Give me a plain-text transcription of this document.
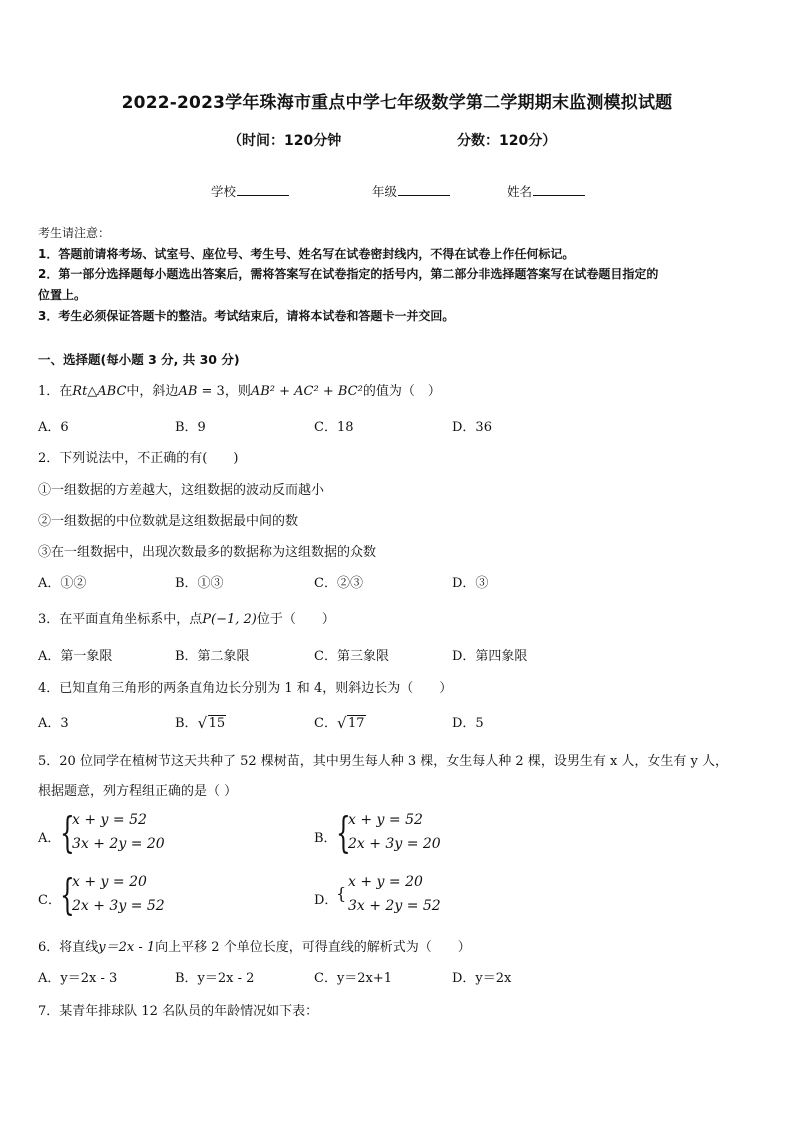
2022-2023学年珠海市重点中学七年级数学第二学期期末监测模拟试题
（时间：120分钟	分数：120分）
学校	年级	姓名
考生请注意：
1．答题前请将考场、试室号、座位号、考生号、姓名写在试卷密封线内，不得在试卷上作任何标记。
2．第一部分选择题每小题选出答案后，需将答案写在试卷指定的括号内，第二部分非选择题答案写在试卷题目指定的
位置上。
3．考生必须保证答题卡的整洁。考试结束后，请将本试卷和答题卡一并交回。
一、选择题(每小题 3 分, 共 30 分)
1．在Rt△ABC中，斜边AB = 3，则AB² + AC² + BC²的值为（　）
A．6	B．9	C．18	D．36
2．下列说法中，不正确的有(　　)
①一组数据的方差越大，这组数据的波动反而越小
②一组数据的中位数就是这组数据最中间的数
③在一组数据中，出现次数最多的数据称为这组数据的众数
A．①②	B．①③	C．②③	D．③
3．在平面直角坐标系中，点P(−1, 2)位于（　　）
A．第一象限	B．第二象限	C．第三象限	D．第四象限
4．已知直角三角形的两条直角边长分别为 1 和 4，则斜边长为（　　）
A．3	B． √ 15	C． √ 17	D．5
5．20 位同学在植树节这天共种了 52 棵树苗，其中男生每人种 3 棵，女生每人种 2 棵，设男生有 x 人，女生有 y 人，
根据题意，列方程组正确的是（ ）
A． {
x + y = 52
3x + 2y = 20	B． {
x + y = 52
2x + 3y = 20
C． {
x + y = 20
2x + 3y = 52	D．
{
x + y = 20
3x + 2y = 52
6．将直线y＝2x - 1向上平移 2 个单位长度，可得直线的解析式为（　　）
A．y＝2x - 3	B．y＝2x - 2	C．y＝2x+1	D．y＝2x
7．某青年排球队 12 名队员的年龄情况如下表：
